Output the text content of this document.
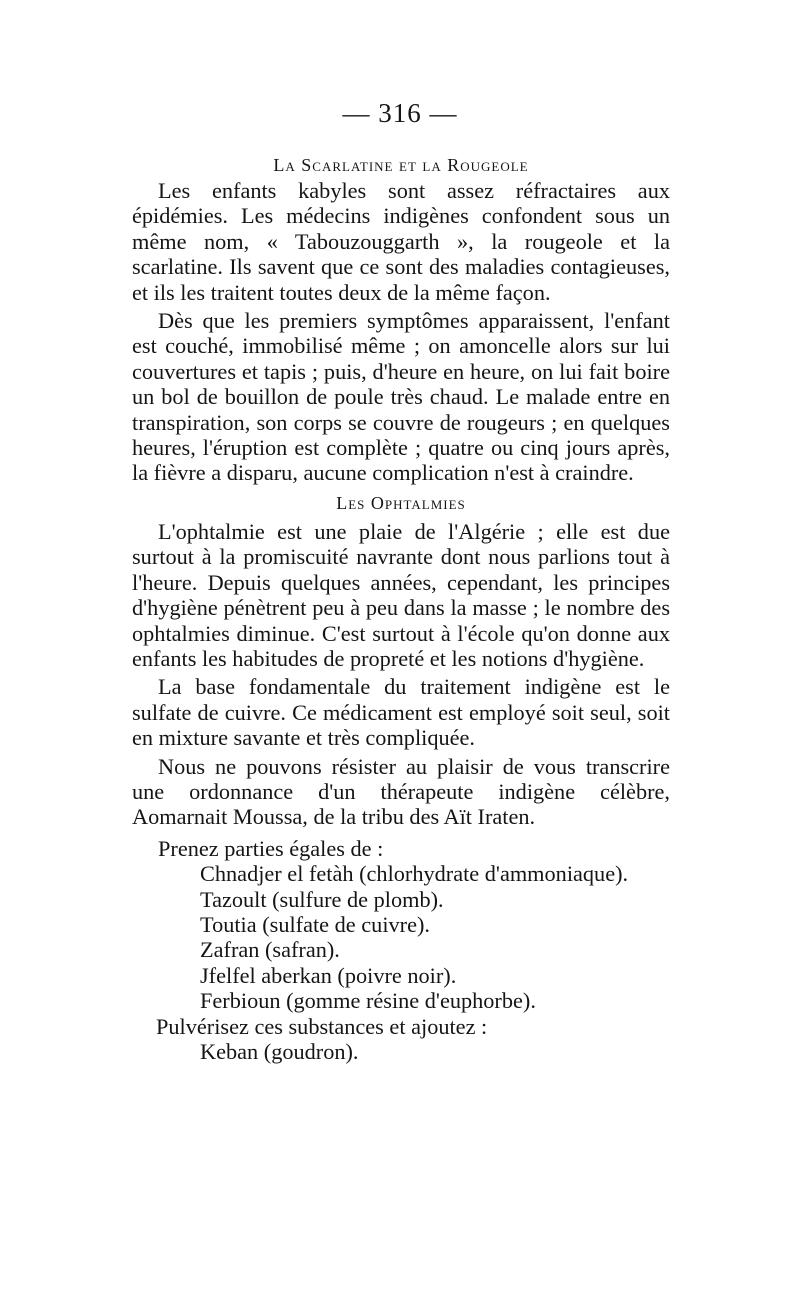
— 316 —
La Scarlatine et la Rougeole

Les enfants kabyles sont assez réfractaires aux épidémies. Les médecins indigènes confondent sous un même nom, « Tabouzouggarth », la rougeole et la scarlatine. Ils savent que ce sont des maladies contagieuses, et ils les traitent toutes deux de la même façon.

Dès que les premiers symptômes apparaissent, l'enfant est couché, immobilisé même ; on amoncelle alors sur lui couvertures et tapis ; puis, d'heure en heure, on lui fait boire un bol de bouillon de poule très chaud. Le malade entre en transpiration, son corps se couvre de rougeurs ; en quelques heures, l'éruption est complète ; quatre ou cinq jours après, la fièvre a disparu, aucune complication n'est à craindre.

Les Ophtalmies

L'ophtalmie est une plaie de l'Algérie ; elle est due surtout à la promiscuité navrante dont nous parlions tout à l'heure. Depuis quelques années, cependant, les principes d'hygiène pénètrent peu à peu dans la masse ; le nombre des ophtalmies diminue. C'est surtout à l'école qu'on donne aux enfants les habitudes de propreté et les notions d'hygiène.

La base fondamentale du traitement indigène est le sulfate de cuivre. Ce médicament est employé soit seul, soit en mixture savante et très compliquée.

Nous ne pouvons résister au plaisir de vous transcrire une ordonnance d'un thérapeute indigène célèbre, Aomarnait Moussa, de la tribu des Aït Iraten.

Prenez parties égales de :

Chnadjer el fetàh (chlorhydrate d'ammoniaque).
Tazoult (sulfure de plomb).
Toutia (sulfate de cuivre).
Zafran (safran).
Jfelfel aberkan (poivre noir).
Ferbioun (gomme résine d'euphorbe).

Pulvérisez ces substances et ajoutez :

Keban (goudron).
